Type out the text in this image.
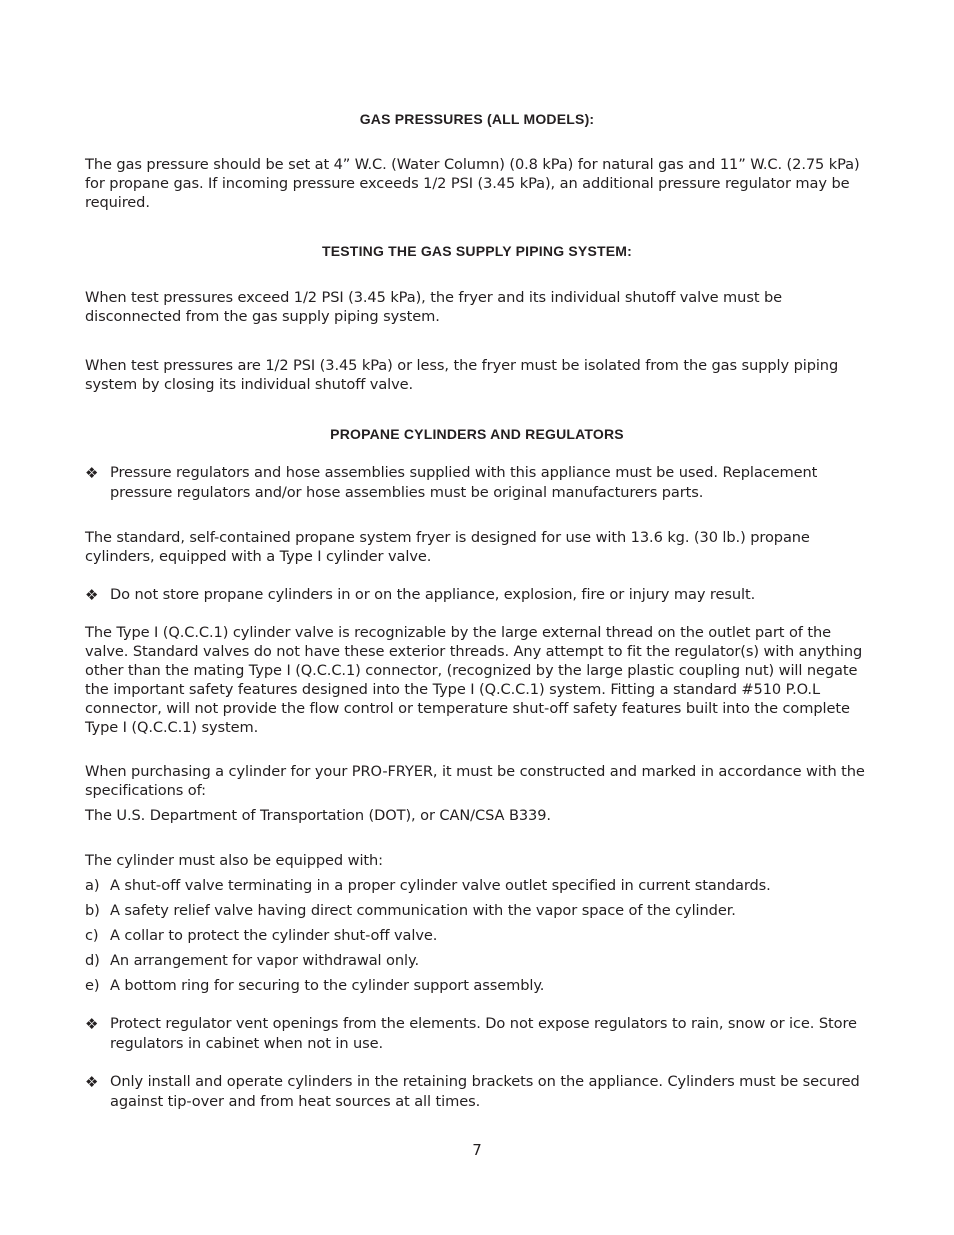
GAS PRESSURES (ALL MODELS):
The gas pressure should be set at 4” W.C. (Water Column) (0.8 kPa) for natural gas and 11” W.C. (2.75 kPa) for propane gas. If incoming pressure exceeds 1/2 PSI (3.45 kPa), an additional pressure regulator may be required.
TESTING THE GAS SUPPLY PIPING SYSTEM:
When test pressures exceed 1/2 PSI (3.45 kPa), the fryer and its individual shutoff valve must be disconnected from the gas supply piping system.
When test pressures are 1/2 PSI (3.45 kPa) or less, the fryer must be isolated from the gas supply piping system by closing its individual shutoff valve.
PROPANE CYLINDERS AND REGULATORS
❖ Pressure regulators and hose assemblies supplied with this appliance must be used. Replacement pressure regulators and/or hose assemblies must be original manufacturers parts.
The standard, self-contained propane system fryer is designed for use with 13.6 kg. (30 lb.) propane cylinders, equipped with a Type I cylinder valve.
❖ Do not store propane cylinders in or on the appliance, explosion, fire or injury may result.
The Type I (Q.C.C.1) cylinder valve is recognizable by the large external thread on the outlet part of the valve. Standard valves do not have these exterior threads. Any attempt to fit the regulator(s) with anything other than the mating Type I (Q.C.C.1) connector, (recognized by the large plastic coupling nut) will negate the important safety features designed into the Type I (Q.C.C.1) system. Fitting a standard #510 P.O.L connector, will not provide the flow control or temperature shut-off safety features built into the complete Type I (Q.C.C.1) system.
When purchasing a cylinder for your PRO-FRYER, it must be constructed and marked in accordance with the specifications of:
The U.S. Department of Transportation (DOT), or CAN/CSA B339.
The cylinder must also be equipped with:
a) A shut-off valve terminating in a proper cylinder valve outlet specified in current standards.
b) A safety relief valve having direct communication with the vapor space of the cylinder.
c) A collar to protect the cylinder shut-off valve.
d) An arrangement for vapor withdrawal only.
e) A bottom ring for securing to the cylinder support assembly.
❖ Protect regulator vent openings from the elements. Do not expose regulators to rain, snow or ice. Store regulators in cabinet when not in use.
❖ Only install and operate cylinders in the retaining brackets on the appliance. Cylinders must be secured against tip-over and from heat sources at all times.
7
